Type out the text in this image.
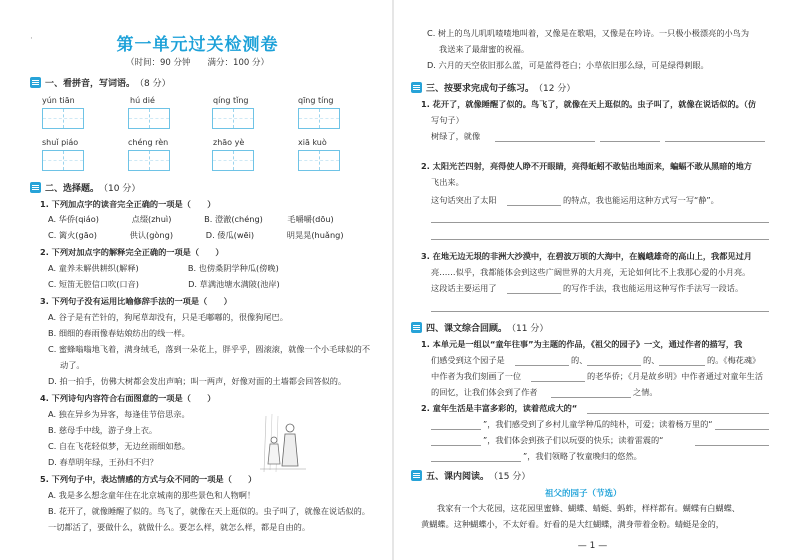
·	第一单元过关检测卷
（时间：90 分钟　　满分：100 分）
一、看拼音，写词语。 （8 分）
yún tiān	hú dié	qíng tǐng	qīng tíng
shuǐ piáo	chéng rèn	zhāo yè	xiā kuò
二、选择题。 （10 分）
1. 下列加点字的读音完全正确的一项是（　　）
A. 华侨(qiáo)　　　　点缀(zhuì)　　　　B. 澄澈(chéng)　　　毛嚼嚼(dōu)
C. 篱火(gāo)　　　　供认(gòng)　　　　D. 倭瓜(wēi)　　　　明晃晃(huǎng)
2. 下列对加点字的解释完全正确的一项是（　　）
A. 童养未解供耕织(解释)　　　　　　B. 也傍桑阴学种瓜(傍晚)
C. 短笛无腔信口吹(口音)　　　　　　D. 草满池塘水满陂(池岸)
3. 下列句子没有运用比喻修辞手法的一项是（　　）
A. 谷子是有芒针的，狗尾草却没有，只是毛嘟嘟的，很像狗尾巴。
B. 细细的春雨像春姑娘纺出的线一样。
C. 蜜蜂嗡嗡地飞着，满身绒毛，落到一朵花上，胖乎乎，圆滚滚，就像一个小毛球似的不
动了。
D. 拍一拍手，仿佛大树都会发出声响；叫一两声，好像对面的土墙都会回答似的。
4. 下列诗句内容符合右面图意的一项是（　　）
A. 独在异乡为异客，每逢佳节倍思亲。
B. 慈母手中线，游子身上衣。
C. 自在飞花轻似梦，无边丝雨细如愁。
D. 春草明年绿，王孙归不归？
5. 下列句子中，表达情感的方式与众不同的一项是（　　）
A. 我是多么想念童年住在北京城南的那些景色和人物啊！
B. 花开了，就像睡醒了似的。鸟飞了，就像在天上逛似的。虫子叫了，就像在说话似的。
一切都活了，要做什么，就做什么。要怎么样，就怎么样，都是自由的。
C. 树上的鸟儿叽叽喳喳地叫着，又像是在歌唱，又像是在吟诗。一只极小极漂亮的小鸟为
我送来了最甜蜜的祝福。
D. 六月的天空依旧那么蓝，可是蓝得苍白；小草依旧那么绿，可是绿得刺眼。
三、按要求完成句子练习。 （12 分）
1. 花开了，就像睡醒了似的。鸟飞了，就像在天上逛似的。虫子叫了，就像在说话似的。（仿
写句子）
树绿了，就像
2. 太阳光芒四射，亮得使人睁不开眼睛，亮得蚯蚓不敢钻出地面来，蝙蝠不敢从黑暗的地方
飞出来。
这句话突出了太阳	的特点，我也能运用这种方式写一写“静”。
3. 在地无边无垠的非洲大沙漠中，在碧波万顷的大海中，在巍峨雄奇的高山上，我都见过月
亮……似乎，我都能体会到这些广阔世界的大月亮，无论如何比不上我那心爱的小月亮。
这段话主要运用了	的写作手法，我也能运用这种写作手法写一段话。
四、课文综合回顾。 （11 分）
1. 本单元是一组以“童年往事”为主题的作品，《祖父的园子》一文，通过作者的描写，我
们感受到这个园子是	的、	的、	的。《梅花魂》
中作者为我们刻画了一位	的老华侨；《月是故乡明》中作者通过对童年生活
的回忆，让我们体会到了作者	之情。
2. 童年生活是丰富多彩的，读着范成大的“
”，我们感受到了乡村儿童学种瓜的纯朴，可爱；读着杨万里的“
”，我们体会到孩子们以玩耍的快乐；读着雷震的“
”，我们领略了牧童晚归的悠然。
五、课内阅读。 （15 分）
祖父的园子（节选）
我家有一个大花园，这花园里蜜蜂、蝴蝶、蜻蜓、蚂蚱，样样都有。蝴蝶有白蝴蝶、
黄蝴蝶。这种蝴蝶小，不太好看。好看的是大红蝴蝶，满身带着金粉。蜻蜓是金的，
— 1 —
